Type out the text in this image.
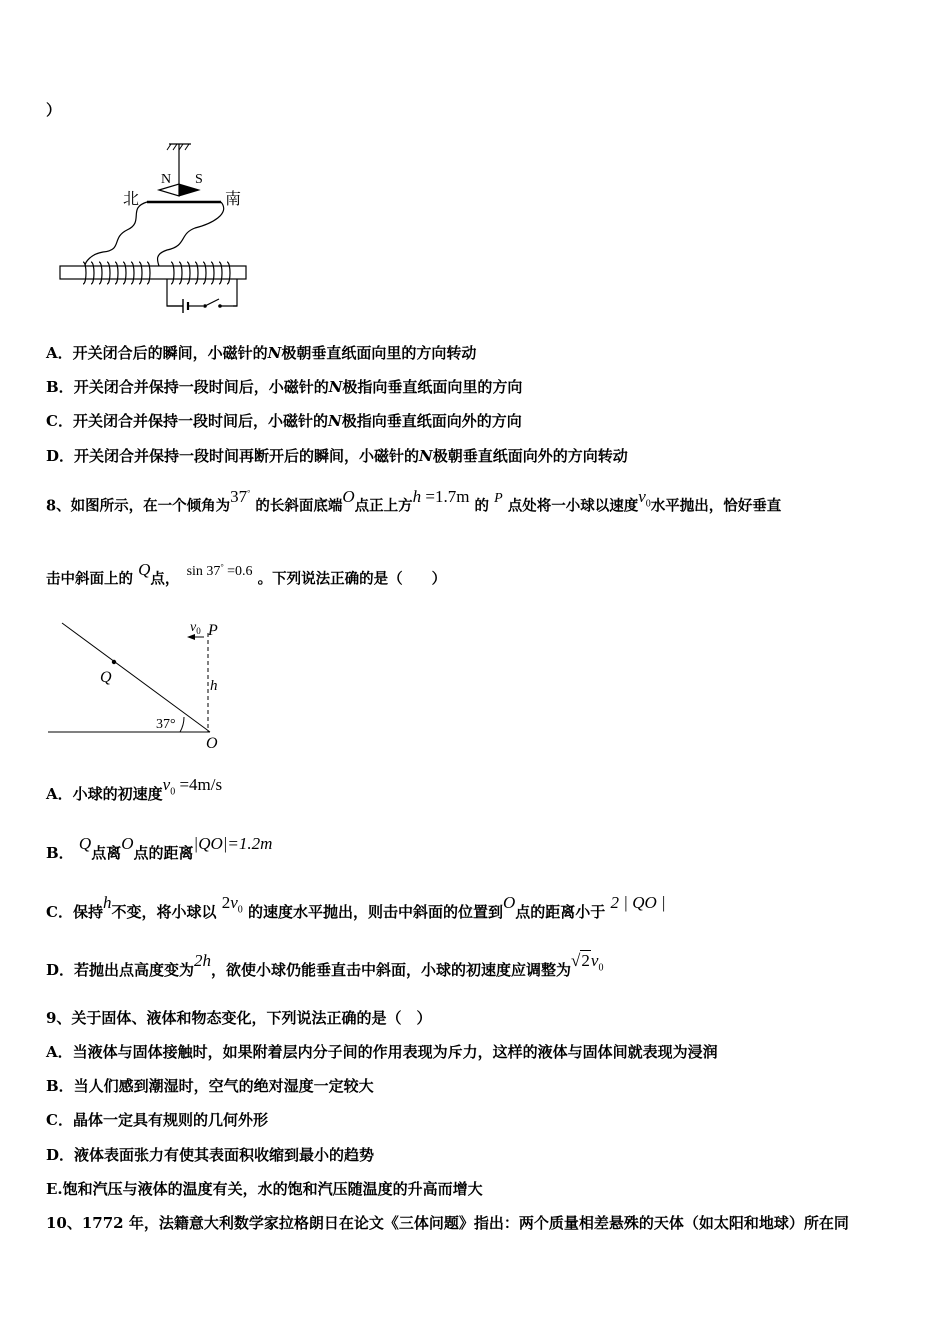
）
N S
北	南
A．开关闭合后的瞬间，小磁针的N极朝垂直纸面向里的方向转动
B．开关闭合并保持一段时间后，小磁针的N极指向垂直纸面向里的方向
C．开关闭合并保持一段时间后，小磁针的N极指向垂直纸面向外的方向
D．开关闭合并保持一段时间再断开后的瞬间，小磁针的N极朝垂直纸面向外的方向转动
8、如图所示，在一个倾角为37° 的长斜面底端O点正上方h =1.7m 的 P 点处将一小球以速度$v_0$水平抛出，恰好垂直
击中斜面上的 Q点，　 sin 37° =0.6 。下列说法正确的是（　　）
$v_0$ P
Q	h
37°
O
A．小球的初速度$v_0 =4m/s$
B． Q点离O点的距离|QO|=1.2m
C．保持h不变，将小球以 $2v_0$ 的速度水平抛出，则击中斜面的位置到O点的距离小于 2 | QO |
D．若抛出点高度变为2h，欲使小球仍能垂直击中斜面，小球的初速度应调整为$√2v_0$
9、关于固体、液体和物态变化，下列说法正确的是（　）
A．当液体与固体接触时，如果附着层内分子间的作用表现为斥力，这样的液体与固体间就表现为浸润
B．当人们感到潮湿时，空气的绝对湿度一定较大
C．晶体一定具有规则的几何外形
D．液体表面张力有使其表面积收缩到最小的趋势
E.饱和汽压与液体的温度有关，水的饱和汽压随温度的升高而增大
10、1772 年，法籍意大利数学家拉格朗日在论文《三体问题》指出：两个质量相差悬殊的天体（如太阳和地球）所在同
